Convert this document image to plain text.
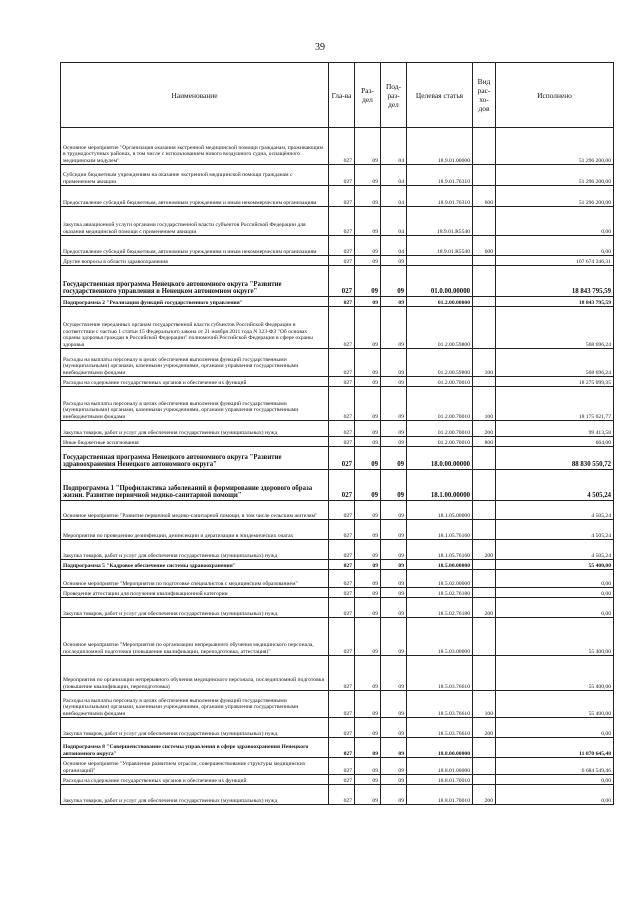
39
Наименование	Гла-ва	Раз-дел	Под-раз-дел	Целевая статья	Вид рас-хо-дов	Исполнено
Основное мероприятие "Организация оказания экстренной медицинской помощи гражданам, проживающим в труднодоступных районах, в том числе с использованием нового воздушного судна, оснащённого медицинским модулем"	027	09	04	18.9.01.00000		51 296 200,00
Субсидии бюджетным учреждениям на оказание экстренной медицинской помощи гражданам с применением авиации	027	09	04	18.9.01.76310		51 296 200,00
Предоставление субсидий бюджетным, автономным учреждениям и иным некоммерческим организациям	027	09	04	18.9.01.76310	600	51 296 200,00
Закупка авиационной услуги органами государственной власти субъектов Российской Федерации для оказания медицинской помощи с применением авиации	027	09	04	18.9.01.R5540		0,00
Предоставление субсидий бюджетным, автономным учреждениям и иным некоммерческим организациям	027	09	04	18.9.01.R5540	600	0,00
Другие вопросы в области здравоохранения	027	09	09			107 674 346,31
Государственная программа Ненецкого автономного округа "Развитие государственного управления в Ненецком автономном округе"	027	09	09	01.0.00.00000		18 843 795,59
Подпрограмма 2 "Реализация функций государственного управления"	027	09	09	01.2.00.00000		18 843 795,59
Осуществление переданных органам государственной власти субъектов Российской Федерации в соответствии с частью 1 статьи 15 Федерального закона от 21 ноября 2011 года N 323-ФЗ "Об основах охраны здоровья граждан в Российской Федерации" полномочий Российской Федерации в сфере охраны здоровья	027	09	09	01.2.00.59800		568 696,24
Расходы на выплаты персоналу в целях обеспечения выполнения функций государственными (муниципальными) органами, казенными учреждениями, органами управления государственными внебюджетными фондами	027	09	09	01.2.00.59800	100	568 696,24
Расходы на содержание государственных органов и обеспечение их функций	027	09	09	01.2.00.70010		18 275 099,35
Расходы на выплаты персоналу в целях обеспечения выполнения функций государственными (муниципальными) органами, казенными учреждениями, органами управления государственными внебюджетными фондами	027	09	09	01.2.00.70010	100	18 175 021,77
Закупка товаров, работ и услуг для обеспечения государственных (муниципальных) нужд	027	09	09	01.2.00.70010	200	99 413,58
Иные бюджетные ассигнования	027	09	09	01.2.00.70010	800	664,00
Государственная программа Ненецкого автономного округа "Развитие здравоохранения Ненецкого автономного округа"	027	09	09	18.0.00.00000		88 830 550,72
Подпрограмма 1 "Профилактика заболеваний и формирование здорового образа жизни. Развитие первичной медико-санитарной помощи"	027	09	09	18.1.00.00000		4 505,24
Основное мероприятие "Развитие первичной медико-санитарной помощи, в том числе сельским жителям"	027	09	09	18.1.05.00000		4 505,24
Мероприятия по проведению дезинфекции, дезинсекции и дератизации в эпидемических очагах	027	09	09	18.1.05.76160		4 505,24
Закупка товаров, работ и услуг для обеспечения государственных (муниципальных) нужд	027	09	09	18.1.05.76160	200	4 505,24
Подпрограмма 5 "Кадровое обеспечение системы здравоохранения"	027	09	09	18.5.00.00000		55 400,00
Основное мероприятие "Мероприятия по подготовке специалистов с медицинским образованием"	027	09	09	18.5.02.00000		0,00
Проведение аттестации для получения квалификационной категории	027	09	09	18.5.02.76180		0,00
Закупка товаров, работ и услуг для обеспечения государственных (муниципальных) нужд	027	09	09	18.5.02.76180	200	0,00
Основное мероприятие "Мероприятия по организации непрерывного обучения медицинского персонала, последипломной подготовки (повышение квалификации, переподготовка, аттестация)"	027	09	09	18.5.03.00000		55 400,00
Мероприятия по организации непрерывного обучения медицинского персонала, последипломной подготовки (повышение квалификации, переподготовка)	027	09	09	18.5.03.76610		55 400,00
Расходы на выплаты персоналу в целях обеспечения выполнения функций государственными (муниципальными) органами, казенными учреждениями, органами управления государственными внебюджетными фондами	027	09	09	18.5.03.76610	100	55 400,00
Закупка товаров, работ и услуг для обеспечения государственных (муниципальных) нужд	027	09	09	18.5.03.76610	200	0,00
Подпрограмма 8 "Совершенствование системы управления в сфере здравоохранения Ненецкого автономного округа"	027	09	09	18.8.00.00000		11 870 645,48
Основное мероприятие "Управление развитием отрасли, совершенствование структуры медицинских организаций"	027	09	09	18.8.01.00000		6 684 549,46
Расходы на содержание государственных органов и обеспечение их функций	027	09	09	18.8.01.70010		0,00
Закупка товаров, работ и услуг для обеспечения государственных (муниципальных) нужд	027	09	09	18.8.01.70010	200	0,00
